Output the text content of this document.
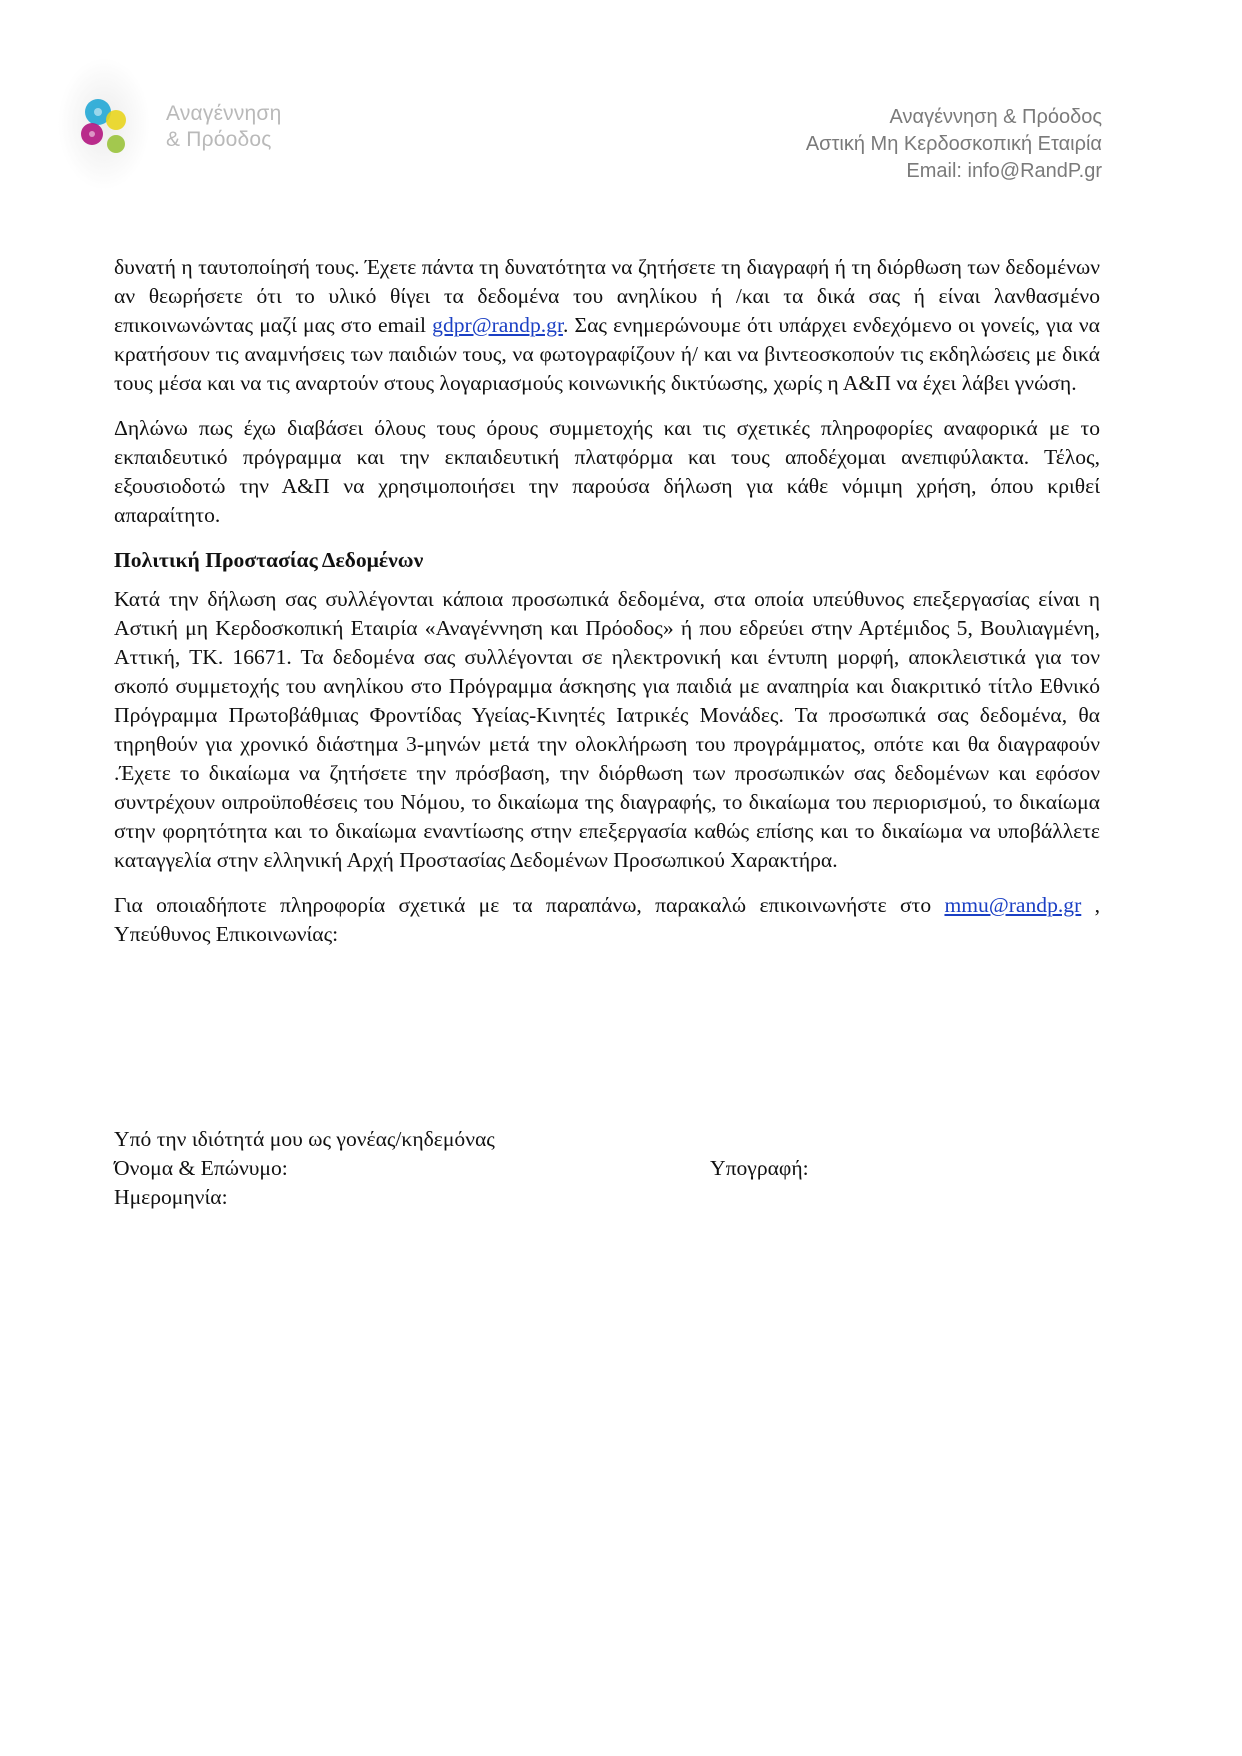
Αναγέννηση
& Πρόοδος
Αναγέννηση & Πρόοδος
Αστική Μη Κερδοσκοπική Εταιρία
Email: info@RandP.gr

δυνατή η ταυτοποίησή τους. Έχετε πάντα τη δυνατότητα να ζητήσετε τη διαγραφή ή τη διόρθωση των δεδομένων αν θεωρήσετε ότι το υλικό θίγει τα δεδομένα του ανηλίκου ή /και τα δικά σας ή είναι λανθασμένο επικοινωνώντας μαζί μας στο email gdpr@randp.gr. Σας ενημερώνουμε ότι υπάρχει ενδεχόμενο οι γονείς, για να κρατήσουν τις αναμνήσεις των παιδιών τους, να φωτογραφίζουν ή/ και να βιντεοσκοπούν τις εκδηλώσεις με δικά τους μέσα και να τις αναρτούν στους λογαριασμούς κοινωνικής δικτύωσης, χωρίς η Α&Π να έχει λάβει γνώση.

Δηλώνω πως έχω διαβάσει όλους τους όρους συμμετοχής και τις σχετικές πληροφορίες αναφορικά με το εκπαιδευτικό πρόγραμμα και την εκπαιδευτική πλατφόρμα και τους αποδέχομαι ανεπιφύλακτα. Τέλος, εξουσιοδοτώ την Α&Π να χρησιμοποιήσει την παρούσα δήλωση για κάθε νόμιμη χρήση, όπου κριθεί απαραίτητο.

Πολιτική Προστασίας Δεδομένων

Κατά την δήλωση σας συλλέγονται κάποια προσωπικά δεδομένα, στα οποία υπεύθυνος επεξεργασίας είναι η Αστική μη Κερδοσκοπική Εταιρία «Αναγέννηση και Πρόοδος» ή που εδρεύει στην Αρτέμιδος 5, Βουλιαγμένη, Αττική, ΤΚ. 16671. Τα δεδομένα σας συλλέγονται σε ηλεκτρονική και έντυπη μορφή, αποκλειστικά για τον σκοπό συμμετοχής του ανηλίκου στο Πρόγραμμα άσκησης για παιδιά με αναπηρία και διακριτικό τίτλο Εθνικό Πρόγραμμα Πρωτοβάθμιας Φροντίδας Υγείας-Κινητές Ιατρικές Μονάδες. Τα προσωπικά σας δεδομένα, θα τηρηθούν για χρονικό διάστημα 3-μηνών μετά την ολοκλήρωση του προγράμματος, οπότε και θα διαγραφούν .Έχετε το δικαίωμα να ζητήσετε την πρόσβαση, την διόρθωση των προσωπικών σας δεδομένων και εφόσον συντρέχουν οιπροϋποθέσεις του Νόμου, το δικαίωμα της διαγραφής, το δικαίωμα του περιορισμού, το δικαίωμα στην φορητότητα και το δικαίωμα εναντίωσης στην επεξεργασία καθώς επίσης και το δικαίωμα να υποβάλλετε καταγγελία στην ελληνική Αρχή Προστασίας Δεδομένων Προσωπικού Χαρακτήρα.

Για οποιαδήποτε πληροφορία σχετικά με τα παραπάνω, παρακαλώ επικοινωνήστε στο mmu@randp.gr , Υπεύθυνος Επικοινωνίας:

Υπό την ιδιότητά μου ως γονέας/κηδεμόνας
Όνομα & Επώνυμο:	Υπογραφή:
Ημερομηνία:
